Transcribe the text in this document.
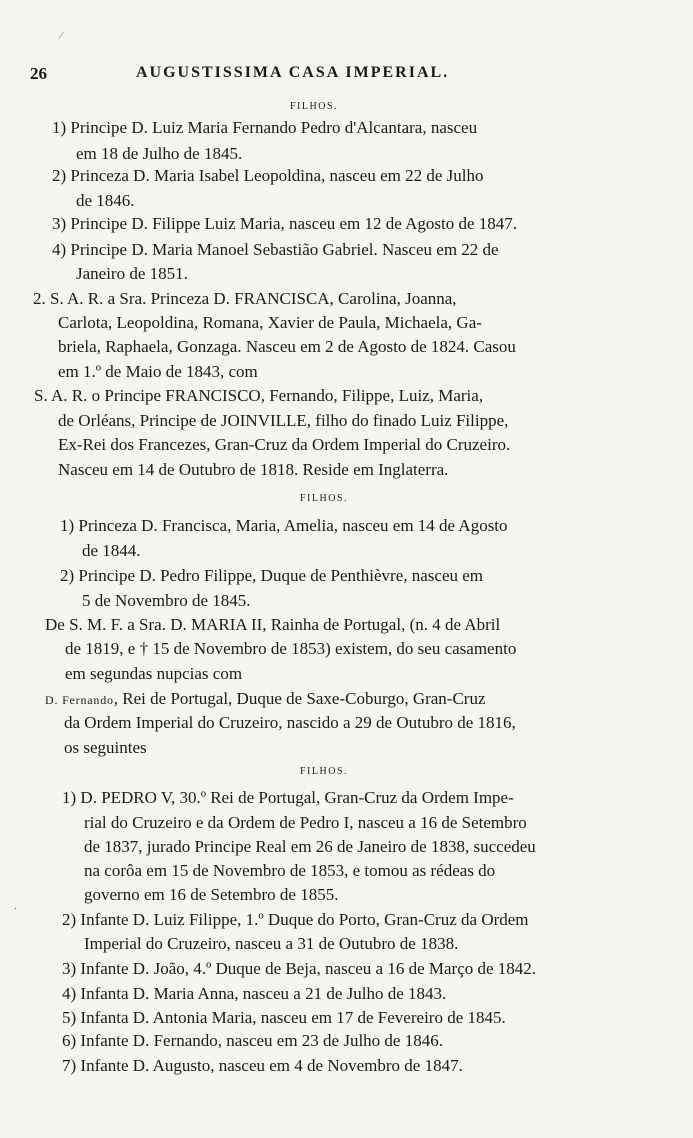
26	AUGUSTISSIMA CASA IMPERIAL.
FILHOS.
1) Principe D. Luiz Maria Fernando Pedro d'Alcantara, nasceu
em 18 de Julho de 1845.
2) Princeza D. Maria Isabel Leopoldina, nasceu em 22 de Julho
de 1846.
3) Principe D. Filippe Luiz Maria, nasceu em 12 de Agosto de 1847.
4) Principe D. Maria Manoel Sebastião Gabriel. Nasceu em 22 de
Janeiro de 1851.
2. S. A. R. a Sra. Princeza D. FRANCISCA, Carolina, Joanna,
Carlota, Leopoldina, Romana, Xavier de Paula, Michaela, Ga-
briela, Raphaela, Gonzaga. Nasceu em 2 de Agosto de 1824. Casou
em 1.º de Maio de 1843, com
S. A. R. o Principe FRANCISCO, Fernando, Filippe, Luiz, Maria,
de Orléans, Principe de JOINVILLE, filho do finado Luiz Filippe,
Ex-Rei dos Francezes, Gran-Cruz da Ordem Imperial do Cruzeiro.
Nasceu em 14 de Outubro de 1818. Reside em Inglaterra.
FILHOS.
1) Princeza D. Francisca, Maria, Amelia, nasceu em 14 de Agosto
de 1844.
2) Principe D. Pedro Filippe, Duque de Penthièvre, nasceu em
5 de Novembro de 1845.
De S. M. F. a Sra. D. MARIA II, Rainha de Portugal, (n. 4 de Abril
de 1819, e † 15 de Novembro de 1853) existem, do seu casamento
em segundas nupcias com
D. Fernando, Rei de Portugal, Duque de Saxe-Coburgo, Gran-Cruz
da Ordem Imperial do Cruzeiro, nascido a 29 de Outubro de 1816,
os seguintes
FILHOS.
1) D. PEDRO V, 30.º Rei de Portugal, Gran-Cruz da Ordem Impe-
rial do Cruzeiro e da Ordem de Pedro I, nasceu a 16 de Setembro
de 1837, jurado Principe Real em 26 de Janeiro de 1838, succedeu
na corôa em 15 de Novembro de 1853, e tomou as rédeas do
governo em 16 de Setembro de 1855.
2) Infante D. Luiz Filippe, 1.º Duque do Porto, Gran-Cruz da Ordem
Imperial do Cruzeiro, nasceu a 31 de Outubro de 1838.
3) Infante D. João, 4.º Duque de Beja, nasceu a 16 de Março de 1842.
4) Infanta D. Maria Anna, nasceu a 21 de Julho de 1843.
5) Infanta D. Antonia Maria, nasceu em 17 de Fevereiro de 1845.
6) Infante D. Fernando, nasceu em 23 de Julho de 1846.
7) Infante D. Augusto, nasceu em 4 de Novembro de 1847.
⁄
∙
